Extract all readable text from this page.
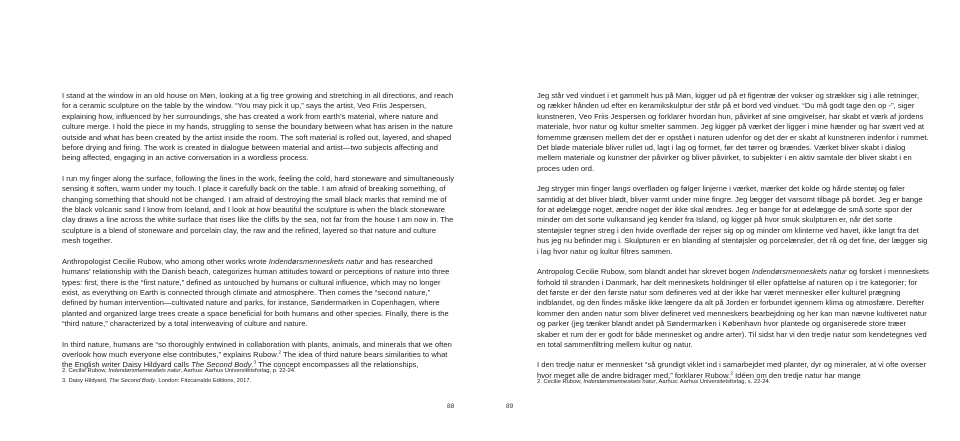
I stand at the window in an old house on Møn, looking at a fig tree growing and stretching in all directions, and reach for a ceramic sculpture on the table by the window. “You may pick it up,” says the artist, Veo Friis Jespersen, explaining how, influenced by her surroundings, she has created a work from earth’s material, where nature and culture merge. I hold the piece in my hands, struggling to sense the boundary between what has arisen in the nature outside and what has been created by the artist inside the room. The soft material is rolled out, layered, and shaped before drying and firing. The work is created in dialogue between material and artist—two subjects affecting and being affected, engaging in an active conversation in a wordless process.

I run my finger along the surface, following the lines in the work, feeling the cold, hard stoneware and simultaneously sensing it soften, warm under my touch. I place it carefully back on the table. I am afraid of breaking something, of changing something that should not be changed. I am afraid of destroying the small black marks that remind me of the black volcanic sand I know from Iceland, and I look at how beautiful the sculpture is when the black stoneware clay draws a line across the white surface that rises like the cliffs by the sea, not far from the house I am now in. The sculpture is a blend of stoneware and porcelain clay, the raw and the refined, layered so that nature and culture mesh together.

Anthropologist Cecilie Rubow, who among other works wrote Indendørsmenneskets natur and has researched humans’ relationship with the Danish beach, categorizes human attitudes toward or perceptions of nature into three types: first, there is the “first nature,” defined as untouched by humans or cultural influence, which may no longer exist, as everything on Earth is connected through climate and atmosphere. Then comes the “second nature,” defined by human intervention—cultivated nature and parks, for instance, Søndermarken in Copenhagen, where planted and organized large trees create a space beneficial for both humans and other species. Finally, there is the “third nature,” characterized by a total interweaving of culture and nature.

In third nature, humans are “so thoroughly entwined in collaboration with plants, animals, and minerals that we often overlook how much everyone else contributes,” explains Rubow.$^2$ The idea of third nature bears similarities to what the English writer Daisy Hildyard calls The Second Body.$^3$ The concept encompasses all the relationships,

2. Cecilie Rubow, Indendørsmenneskets natur, Aarhus: Aarhus Universitetsforlag, p. 22-24.

3. Daisy Hildyard, The Second Body. London: Fitzcarraldo Editions, 2017.

Jeg står ved vinduet i et gammelt hus på Møn, kigger ud på et figentræ der vokser og strækker sig i alle retninger, og rækker hånden ud efter en keramikskulptur der står på et bord ved vinduet. “Du må godt tage den op -”, siger kunstneren, Veo Friis Jespersen og forklarer hvordan hun, påvirket af sine omgivelser, har skabt et værk af jordens materiale, hvor natur og kultur smelter sammen. Jeg kigger på værket der ligger i mine hænder og har svært ved at fornemme grænsen mellem det der er opstået i naturen udenfor og det der er skabt af kunstneren indenfor i rummet. Det bløde materiale bliver rullet ud, lagt i lag og formet, før det tørrer og brændes. Værket bliver skabt i dialog mellem materiale og kunstner der påvirker og bliver påvirket, to subjekter i en aktiv samtale der bliver skabt i en proces uden ord.

Jeg stryger min finger langs overfladen og følger linjerne i værket, mærker det kolde og hårde stentøj og føler samtidig at det bliver blødt, bliver varmt under mine fingre. Jeg lægger det varsomt tilbage på bordet. Jeg er bange for at ødelægge noget, ændre noget der ikke skal ændres. Jeg er bange for at ødelægge de små sorte spor der minder om det sorte vulkansand jeg kender fra Island, og kigger på hvor smuk skulpturen er, når det sorte stentøjsler tegner streg i den hvide overflade der rejser sig op og minder om klinterne ved havet, ikke langt fra det hus jeg nu befinder mig i. Skulpturen er en blanding af stentøjsler og porcelænsler, det rå og det fine, der lægger sig i lag hvor natur og kultur filtres sammen.

Antropolog Cecilie Rubow, som blandt andet har skrevet bogen Indendørsmenneskets natur og forsket i menneskets forhold til stranden i Danmark, har delt menneskets holdninger til eller opfattelse af naturen op i tre kategorier; for det første er der den første natur som defineres ved at der ikke har været mennesker eller kulturel prægning indblandet, og den findes måske ikke længere da alt på Jorden er forbundet igennem klima og atmosfære. Derefter kommer den anden natur som bliver defineret ved menneskers bearbejdning og her kan man nævne kultiveret natur og parker (jeg tænker blandt andet på Søndermarken i København hvor plantede og organiserede store træer skaber et rum der er godt for både mennesket og andre arter). Til sidst har vi den tredje natur som kendetegnes ved en total sammenfiltring mellem kultur og natur.

I den tredje natur er mennesket “så grundigt viklet ind i samarbejdet med planter, dyr og mineraler, at vi ofte overser hvor meget alle de andre bidrager med,” forklarer Rubow.$^2$ Idéen om den tredje natur har mange

2. Cecilie Rubow, Indendørsmenneskets natur, Aarhus: Aarhus Universitetsforlag, s. 22-24.

88	89
